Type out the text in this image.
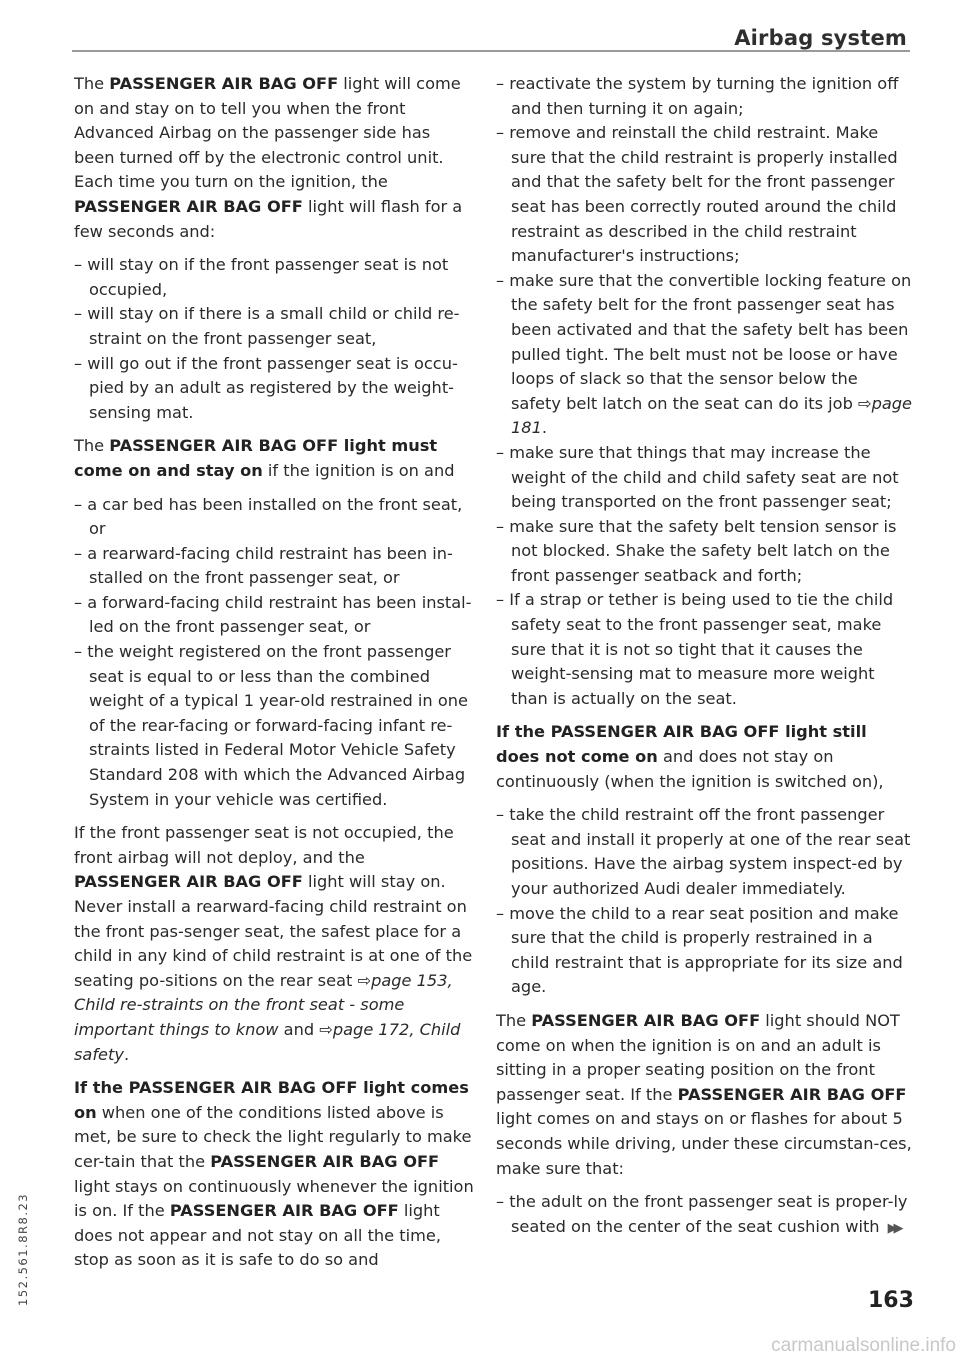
Airbag system

The PASSENGER AIR BAG OFF light will come on and stay on to tell you when the front Advanced Airbag on the passenger side has been turned off by the electronic control unit. Each time you turn on the ignition, the PASSENGER AIR BAG OFF light will flash for a few seconds and:

– will stay on if the front passenger seat is not occupied,
– will stay on if there is a small child or child re-straint on the front passenger seat,
– will go out if the front passenger seat is occu-pied by an adult as registered by the weight-sensing mat.

The PASSENGER AIR BAG OFF light must come on and stay on if the ignition is on and

– a car bed has been installed on the front seat, or
– a rearward-facing child restraint has been in-stalled on the front passenger seat, or
– a forward-facing child restraint has been instal-led on the front passenger seat, or
– the weight registered on the front passenger seat is equal to or less than the combined weight of a typical 1 year-old restrained in one of the rear-facing or forward-facing infant re-straints listed in Federal Motor Vehicle Safety Standard 208 with which the Advanced Airbag System in your vehicle was certified.

If the front passenger seat is not occupied, the front airbag will not deploy, and the PASSENGER AIR BAG OFF light will stay on. Never install a rearward-facing child restraint on the front pas-senger seat, the safest place for a child in any kind of child restraint is at one of the seating po-sitions on the rear seat ⇨page 153, Child re-straints on the front seat - some important things to know and ⇨page 172, Child safety.

If the PASSENGER AIR BAG OFF light comes on when one of the conditions listed above is met, be sure to check the light regularly to make cer-tain that the PASSENGER AIR BAG OFF light stays on continuously whenever the ignition is on. If the PASSENGER AIR BAG OFF light does not appear and not stay on all the time, stop as soon as it is safe to do so and

– reactivate the system by turning the ignition off and then turning it on again;
– remove and reinstall the child restraint. Make sure that the child restraint is properly installed and that the safety belt for the front passenger seat has been correctly routed around the child restraint as described in the child restraint manufacturer's instructions;
– make sure that the convertible locking feature on the safety belt for the front passenger seat has been activated and that the safety belt has been pulled tight. The belt must not be loose or have loops of slack so that the sensor below the safety belt latch on the seat can do its job ⇨page 181.
– make sure that things that may increase the weight of the child and child safety seat are not being transported on the front passenger seat;
– make sure that the safety belt tension sensor is not blocked. Shake the safety belt latch on the front passenger seatback and forth;
– If a strap or tether is being used to tie the child safety seat to the front passenger seat, make sure that it is not so tight that it causes the weight-sensing mat to measure more weight than is actually on the seat.

If the PASSENGER AIR BAG OFF light still does not come on and does not stay on continuously (when the ignition is switched on),

– take the child restraint off the front passenger seat and install it properly at one of the rear seat positions. Have the airbag system inspect-ed by your authorized Audi dealer immediately.
– move the child to a rear seat position and make sure that the child is properly restrained in a child restraint that is appropriate for its size and age.

The PASSENGER AIR BAG OFF light should NOT come on when the ignition is on and an adult is sitting in a proper seating position on the front passenger seat. If the PASSENGER AIR BAG OFF light comes on and stays on or flashes for about 5 seconds while driving, under these circumstan-ces, make sure that:

– the adult on the front passenger seat is proper-ly seated on the center of the seat cushion with ▶▶
163
152.561.8R8.23
carmanualsonline.info
